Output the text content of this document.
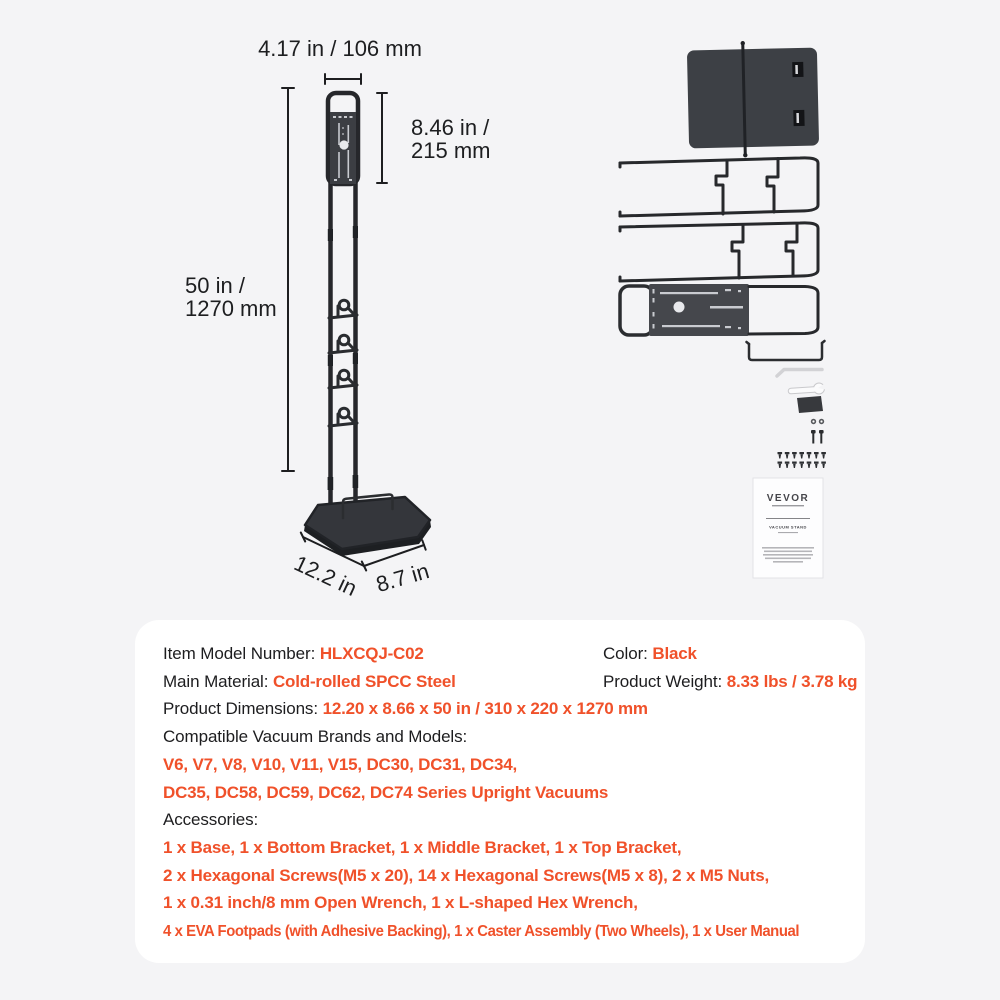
4.17 in / 106 mm
50 in /
1270 mm
8.46 in /
215 mm
12.2 in 8.7 in
VEVOR
VACUUM STAND
Item Model Number: HLXCQJ-C02	Color: Black
Main Material: Cold-rolled SPCC Steel	Product Weight: 8.33 lbs / 3.78 kg
Product Dimensions: 12.20 x 8.66 x 50 in / 310 x 220 x 1270 mm
Compatible Vacuum Brands and Models:
V6, V7, V8, V10, V11, V15, DC30, DC31, DC34,
DC35, DC58, DC59, DC62, DC74 Series Upright Vacuums
Accessories:
1 x Base, 1 x Bottom Bracket, 1 x Middle Bracket, 1 x Top Bracket,
2 x Hexagonal Screws(M5 x 20), 14 x Hexagonal Screws(M5 x 8), 2 x M5 Nuts,
1 x 0.31 inch/8 mm Open Wrench, 1 x L-shaped Hex Wrench,
4 x EVA Footpads (with Adhesive Backing), 1 x Caster Assembly (Two Wheels), 1 x User Manual
